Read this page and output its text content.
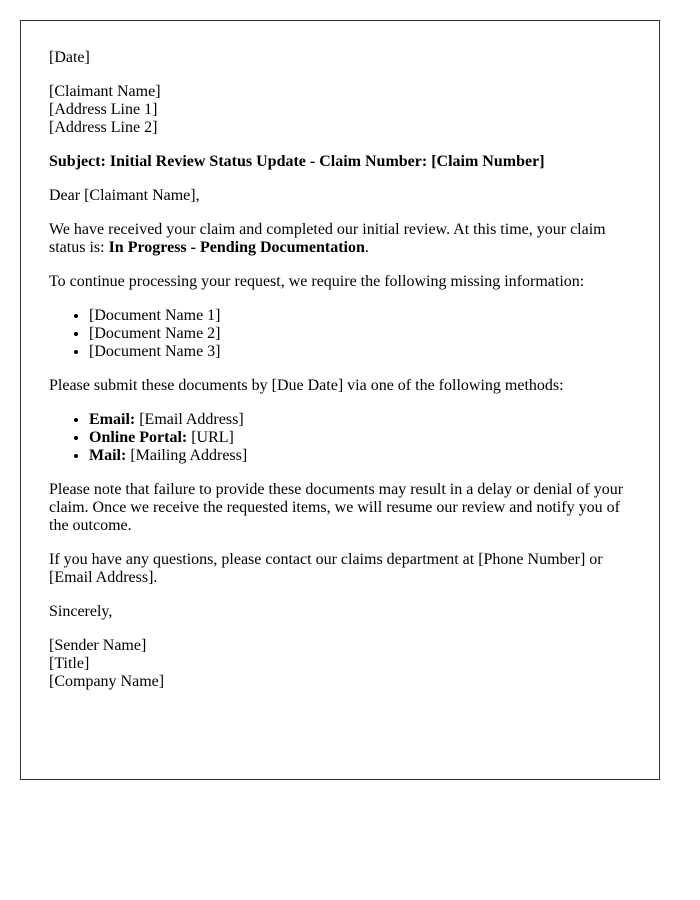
[Date]
[Claimant Name]
[Address Line 1]
[Address Line 2]
Subject: Initial Review Status Update - Claim Number: [Claim Number]
Dear [Claimant Name],
We have received your claim and completed our initial review. At this time, your claim status is: In Progress - Pending Documentation.
To continue processing your request, we require the following missing information:
• [Document Name 1]
• [Document Name 2]
• [Document Name 3]
Please submit these documents by [Due Date] via one of the following methods:
• Email: [Email Address]
• Online Portal: [URL]
• Mail: [Mailing Address]
Please note that failure to provide these documents may result in a delay or denial of your claim. Once we receive the requested items, we will resume our review and notify you of the outcome.
If you have any questions, please contact our claims department at [Phone Number] or [Email Address].
Sincerely,
[Sender Name]
[Title]
[Company Name]
